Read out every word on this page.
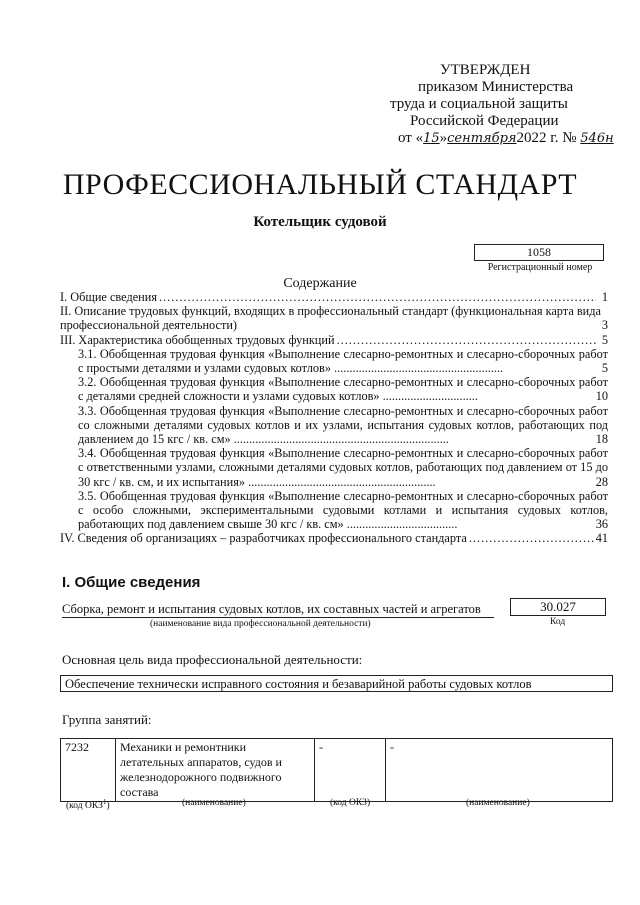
УТВЕРЖДЕН
приказом Министерства
труда и социальной защиты
Российской Федерации
от «15»сентября2022 г. № 546н
ПРОФЕССИОНАЛЬНЫЙ СТАНДАРТ
Котельщик судовой
1058
Регистрационный номер
Содержание
I. Общие сведения .....	1
II. Описание трудовых функций, входящих в профессиональный стандарт (функциональная карта вида профессиональной деятельности)	3
III. Характеристика обобщенных трудовых функций .....	5
3.1. Обобщенная трудовая функция «Выполнение слесарно-ремонтных и слесарно-сборочных работ с простыми деталями и узлами судовых котлов» .......................................................	5
3.2. Обобщенная трудовая функция «Выполнение слесарно-ремонтных и слесарно-сборочных работ с деталями средней сложности и узлами судовых котлов» ...............................	10
3.3. Обобщенная трудовая функция «Выполнение слесарно-ремонтных и слесарно-сборочных работ со сложными деталями судовых котлов и их узлами, испытания судовых котлов, работающих под давлением до 15 кгс / кв. см» ......................................................................	18
3.4. Обобщенная трудовая функция «Выполнение слесарно-ремонтных и слесарно-сборочных работ с ответственными узлами, сложными деталями судовых котлов, работающих под давлением от 15 до 30 кгс / кв. см, и их испытания» .............................................................	28
3.5. Обобщенная трудовая функция «Выполнение слесарно-ремонтных и слесарно-сборочных работ с особо сложными, экспериментальными судовыми котлами и испытания судовых котлов, работающих под давлением свыше 30 кгс / кв. см» ....................................	36
IV. Сведения об организациях – разработчиках профессионального стандарта .....	41
I. Общие сведения
Сборка, ремонт и испытания судовых котлов, их составных частей и агрегатов	30.027
(наименование вида профессиональной деятельности)	Код
Основная цель вида профессиональной деятельности:
Обеспечение технически исправного состояния и безаварийной работы судовых котлов
Группа занятий:
7232	Механики и ремонтники летательных аппаратов, судов и железнодорожного подвижного состава	-	-
(код ОКЗ$^1$)	(наименование)	(код ОКЗ)	(наименование)
